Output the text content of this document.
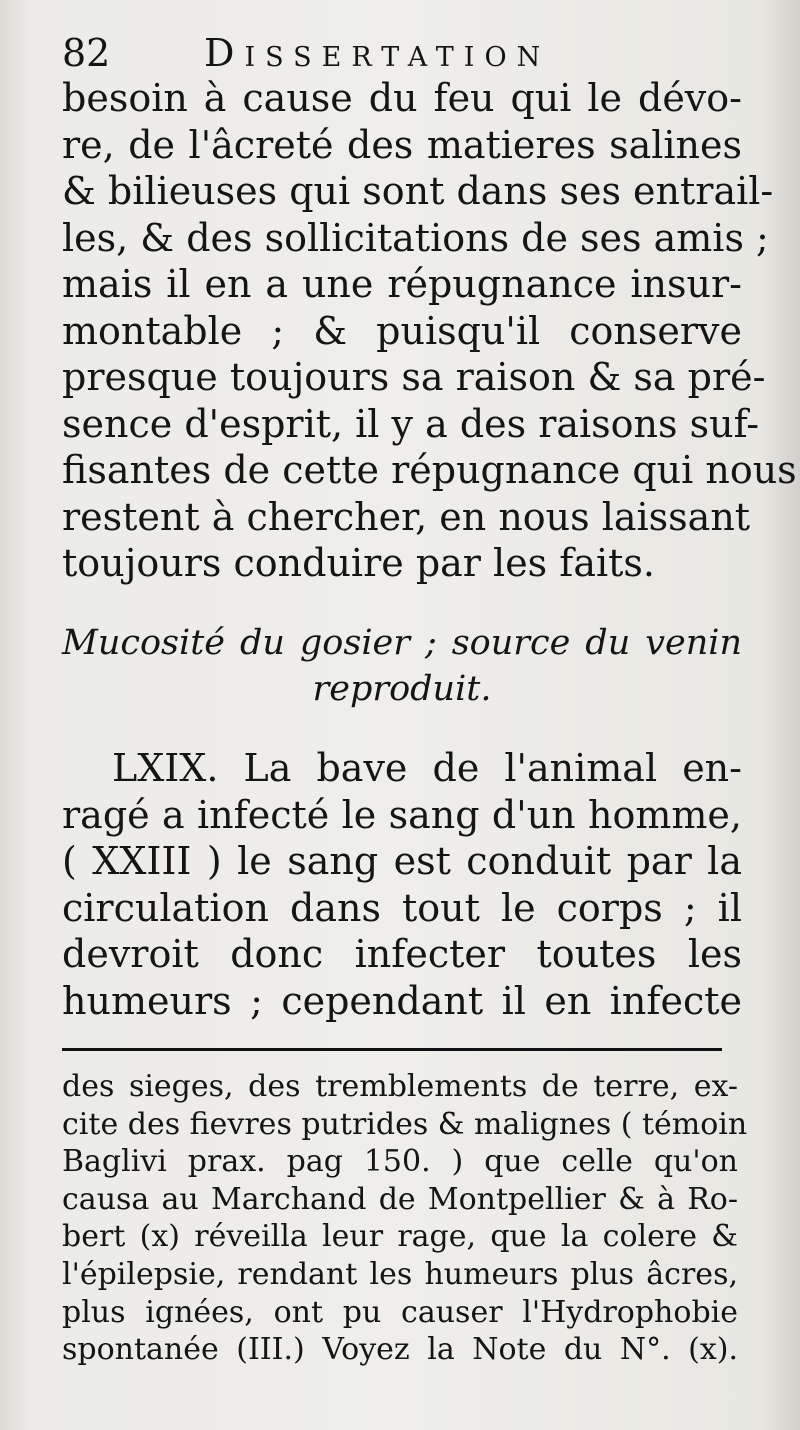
82 Dissertation
besoin à cause du feu qui le dévo-
re, de l'âcreté des matieres salines
& bilieuses qui sont dans ses entrail-
les, & des sollicitations de ses amis ;
mais il en a une répugnance insur-
montable ; & puisqu'il conserve
presque toujours sa raison & sa pré-
sence d'esprit, il y a des raisons suf-
fisantes de cette répugnance qui nous
restent à chercher, en nous laissant
toujours conduire par les faits.
Mucosité du gosier ; source du venin
reproduit.
LXIX. La bave de l'animal en-
ragé a infecté le sang d'un homme,
( XXIII ) le sang est conduit par la
circulation dans tout le corps ; il
devroit donc infecter toutes les
humeurs ; cependant il en infecte
des sieges, des tremblements de terre, ex-
cite des fievres putrides & malignes ( témoin
Baglivi prax. pag 150. ) que celle qu'on
causa au Marchand de Montpellier & à Ro-
bert (x) réveilla leur rage, que la colere &
l'épilepsie, rendant les humeurs plus âcres,
plus ignées, ont pu causer l'Hydrophobie
spontanée (III.) Voyez la Note du N°. (x).
